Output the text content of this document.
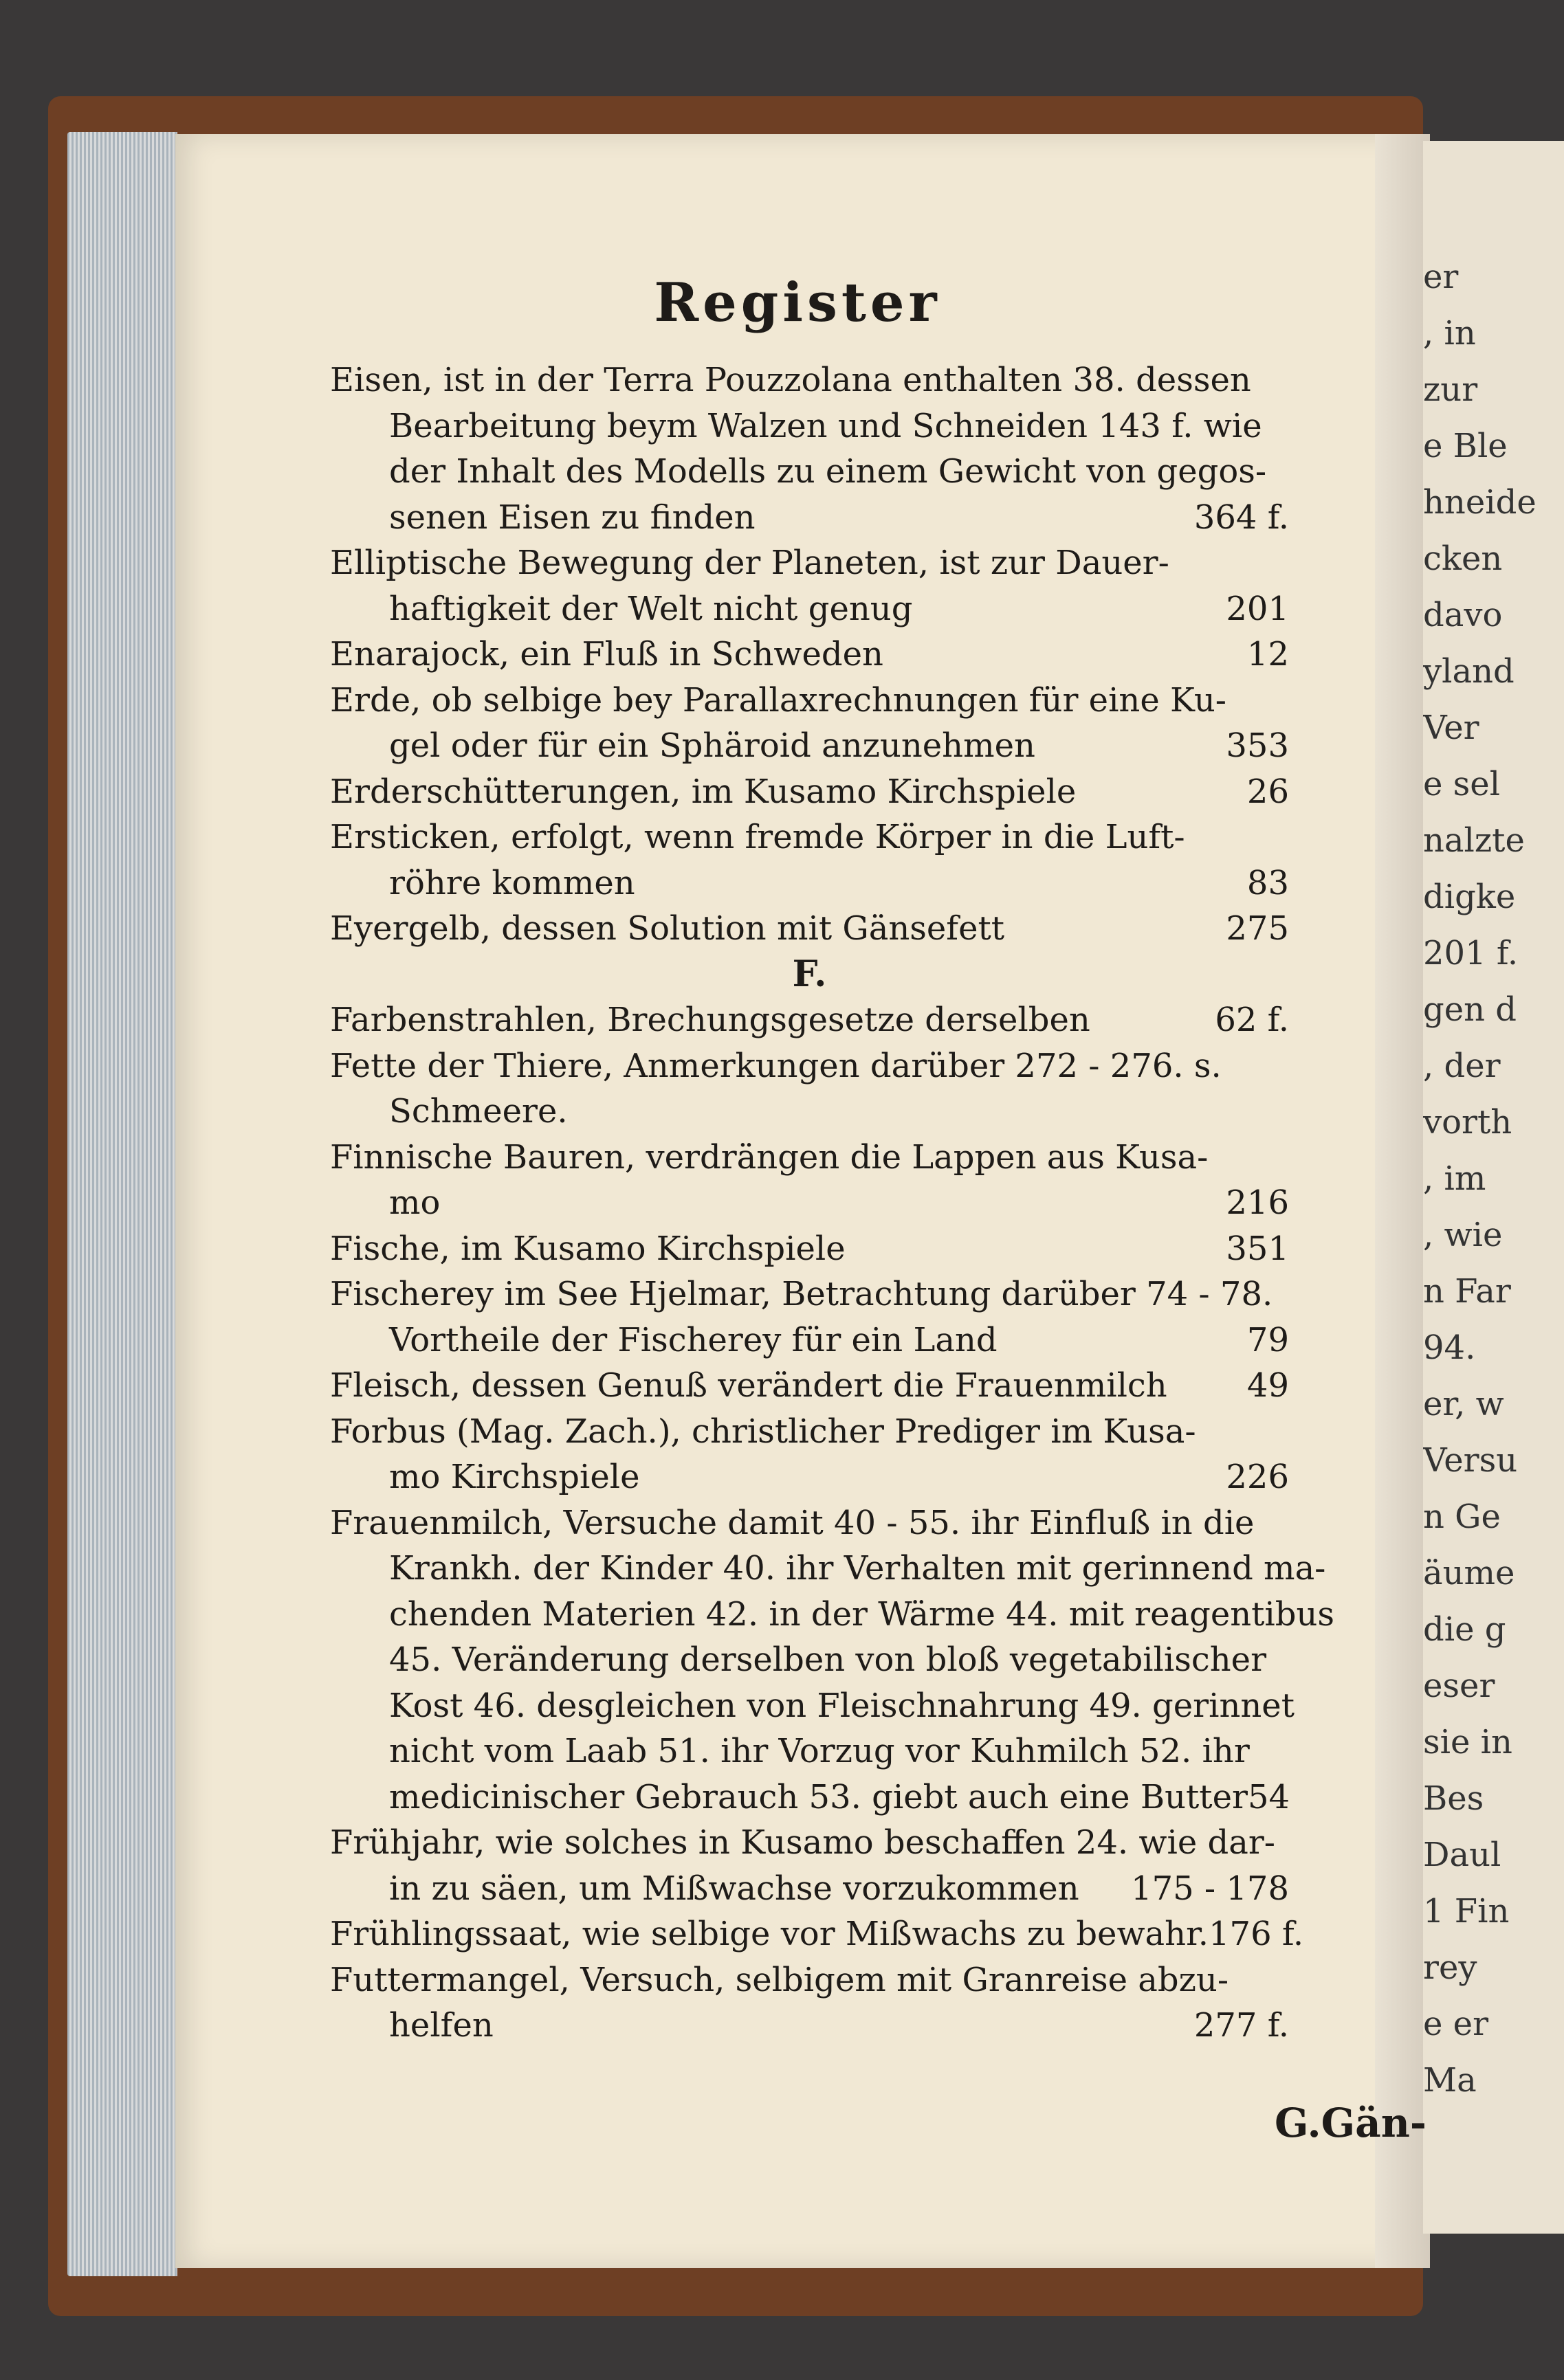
er
, in
zur
e Ble
hneide
cken
davo
yland
Ver
e sel
nalzte
digke
201 f.
gen d
, der
vorth
, im
, wie
n Far
94.
er, w
Versu
n Ge
äume
die g
eser
sie in
Bes
Daul
1 Fin
rey
e er
Ma
Register
Eisen, ist in der Terra Pouzzolana enthalten 38. dessen
Bearbeitung beym Walzen und Schneiden 143 f. wie
der Inhalt des Modells zu einem Gewicht von gegos-
senen Eisen zu finden	364 f.
Elliptische Bewegung der Planeten, ist zur Dauer-
haftigkeit der Welt nicht genug	201
Enarajock, ein Fluß in Schweden	12
Erde, ob selbige bey Parallaxrechnungen für eine Ku-
gel oder für ein Sphäroid anzunehmen	353
Erderschütterungen, im Kusamo Kirchspiele	26
Ersticken, erfolgt, wenn fremde Körper in die Luft-
röhre kommen	83
Eyergelb, dessen Solution mit Gänsefett	275
F.
Farbenstrahlen, Brechungsgesetze derselben	62 f.
Fette der Thiere, Anmerkungen darüber 272 - 276. s.
Schmeere.
Finnische Bauren, verdrängen die Lappen aus Kusa-
mo	216
Fische, im Kusamo Kirchspiele	351
Fischerey im See Hjelmar, Betrachtung darüber 74 - 78.
Vortheile der Fischerey für ein Land	79
Fleisch, dessen Genuß verändert die Frauenmilch 49
Forbus (Mag. Zach.), christlicher Prediger im Kusa-
mo Kirchspiele	226
Frauenmilch, Versuche damit 40 - 55. ihr Einfluß in die
Krankh. der Kinder 40. ihr Verhalten mit gerinnend ma-
chenden Materien 42. in der Wärme 44. mit reagentibus
45. Veränderung derselben von bloß vegetabilischer
Kost 46. desgleichen von Fleischnahrung 49. gerinnet
nicht vom Laab 51. ihr Vorzug vor Kuhmilch 52. ihr
medicinischer Gebrauch 53. giebt auch eine Butter 54
Frühjahr, wie solches in Kusamo beschaffen 24. wie dar-
in zu säen, um Mißwachse vorzukommen 175 - 178
Frühlingssaat, wie selbige vor Mißwachs zu bewahr. 176 f.
Futtermangel, Versuch, selbigem mit Granreise abzu-
helfen	277 f.
G.Gän-
